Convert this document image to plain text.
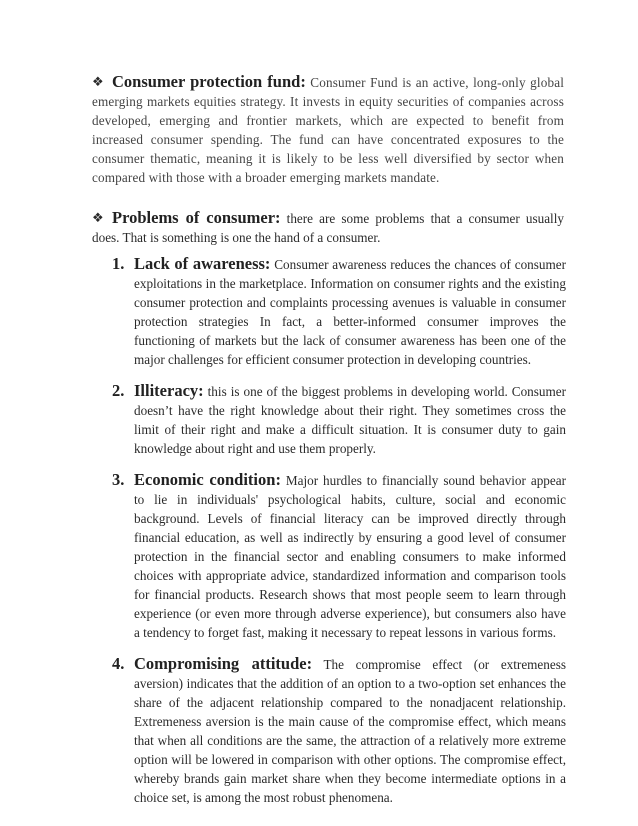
❖ Consumer protection fund: Consumer Fund is an active, long-only global emerging markets equities strategy. It invests in equity securities of companies across developed, emerging and frontier markets, which are expected to benefit from increased consumer spending. The fund can have concentrated exposures to the consumer thematic, meaning it is likely to be less well diversified by sector when compared with those with a broader emerging markets mandate.
❖ Problems of consumer: there are some problems that a consumer usually does. That is something is one the hand of a consumer.
1. Lack of awareness: Consumer awareness reduces the chances of consumer exploitations in the marketplace. Information on consumer rights and the existing consumer protection and complaints processing avenues is valuable in consumer protection strategies In fact, a better-informed consumer improves the functioning of markets but the lack of consumer awareness has been one of the major challenges for efficient consumer protection in developing countries.
2. Illiteracy: this is one of the biggest problems in developing world. Consumer doesn’t have the right knowledge about their right. They sometimes cross the limit of their right and make a difficult situation. It is consumer duty to gain knowledge about right and use them properly.
3. Economic condition: Major hurdles to financially sound behavior appear to lie in individuals' psychological habits, culture, social and economic background. Levels of financial literacy can be improved directly through financial education, as well as indirectly by ensuring a good level of consumer protection in the financial sector and enabling consumers to make informed choices with appropriate advice, standardized information and comparison tools for financial products. Research shows that most people seem to learn through experience (or even more through adverse experience), but consumers also have a tendency to forget fast, making it necessary to repeat lessons in various forms.
4. Compromising attitude: The compromise effect (or extremeness aversion) indicates that the addition of an option to a two-option set enhances the share of the adjacent relationship compared to the nonadjacent relationship. Extremeness aversion is the main cause of the compromise effect, which means that when all conditions are the same, the attraction of a relatively more extreme option will be lowered in comparison with other options. The compromise effect, whereby brands gain market share when they become intermediate options in a choice set, is among the most robust phenomena.
